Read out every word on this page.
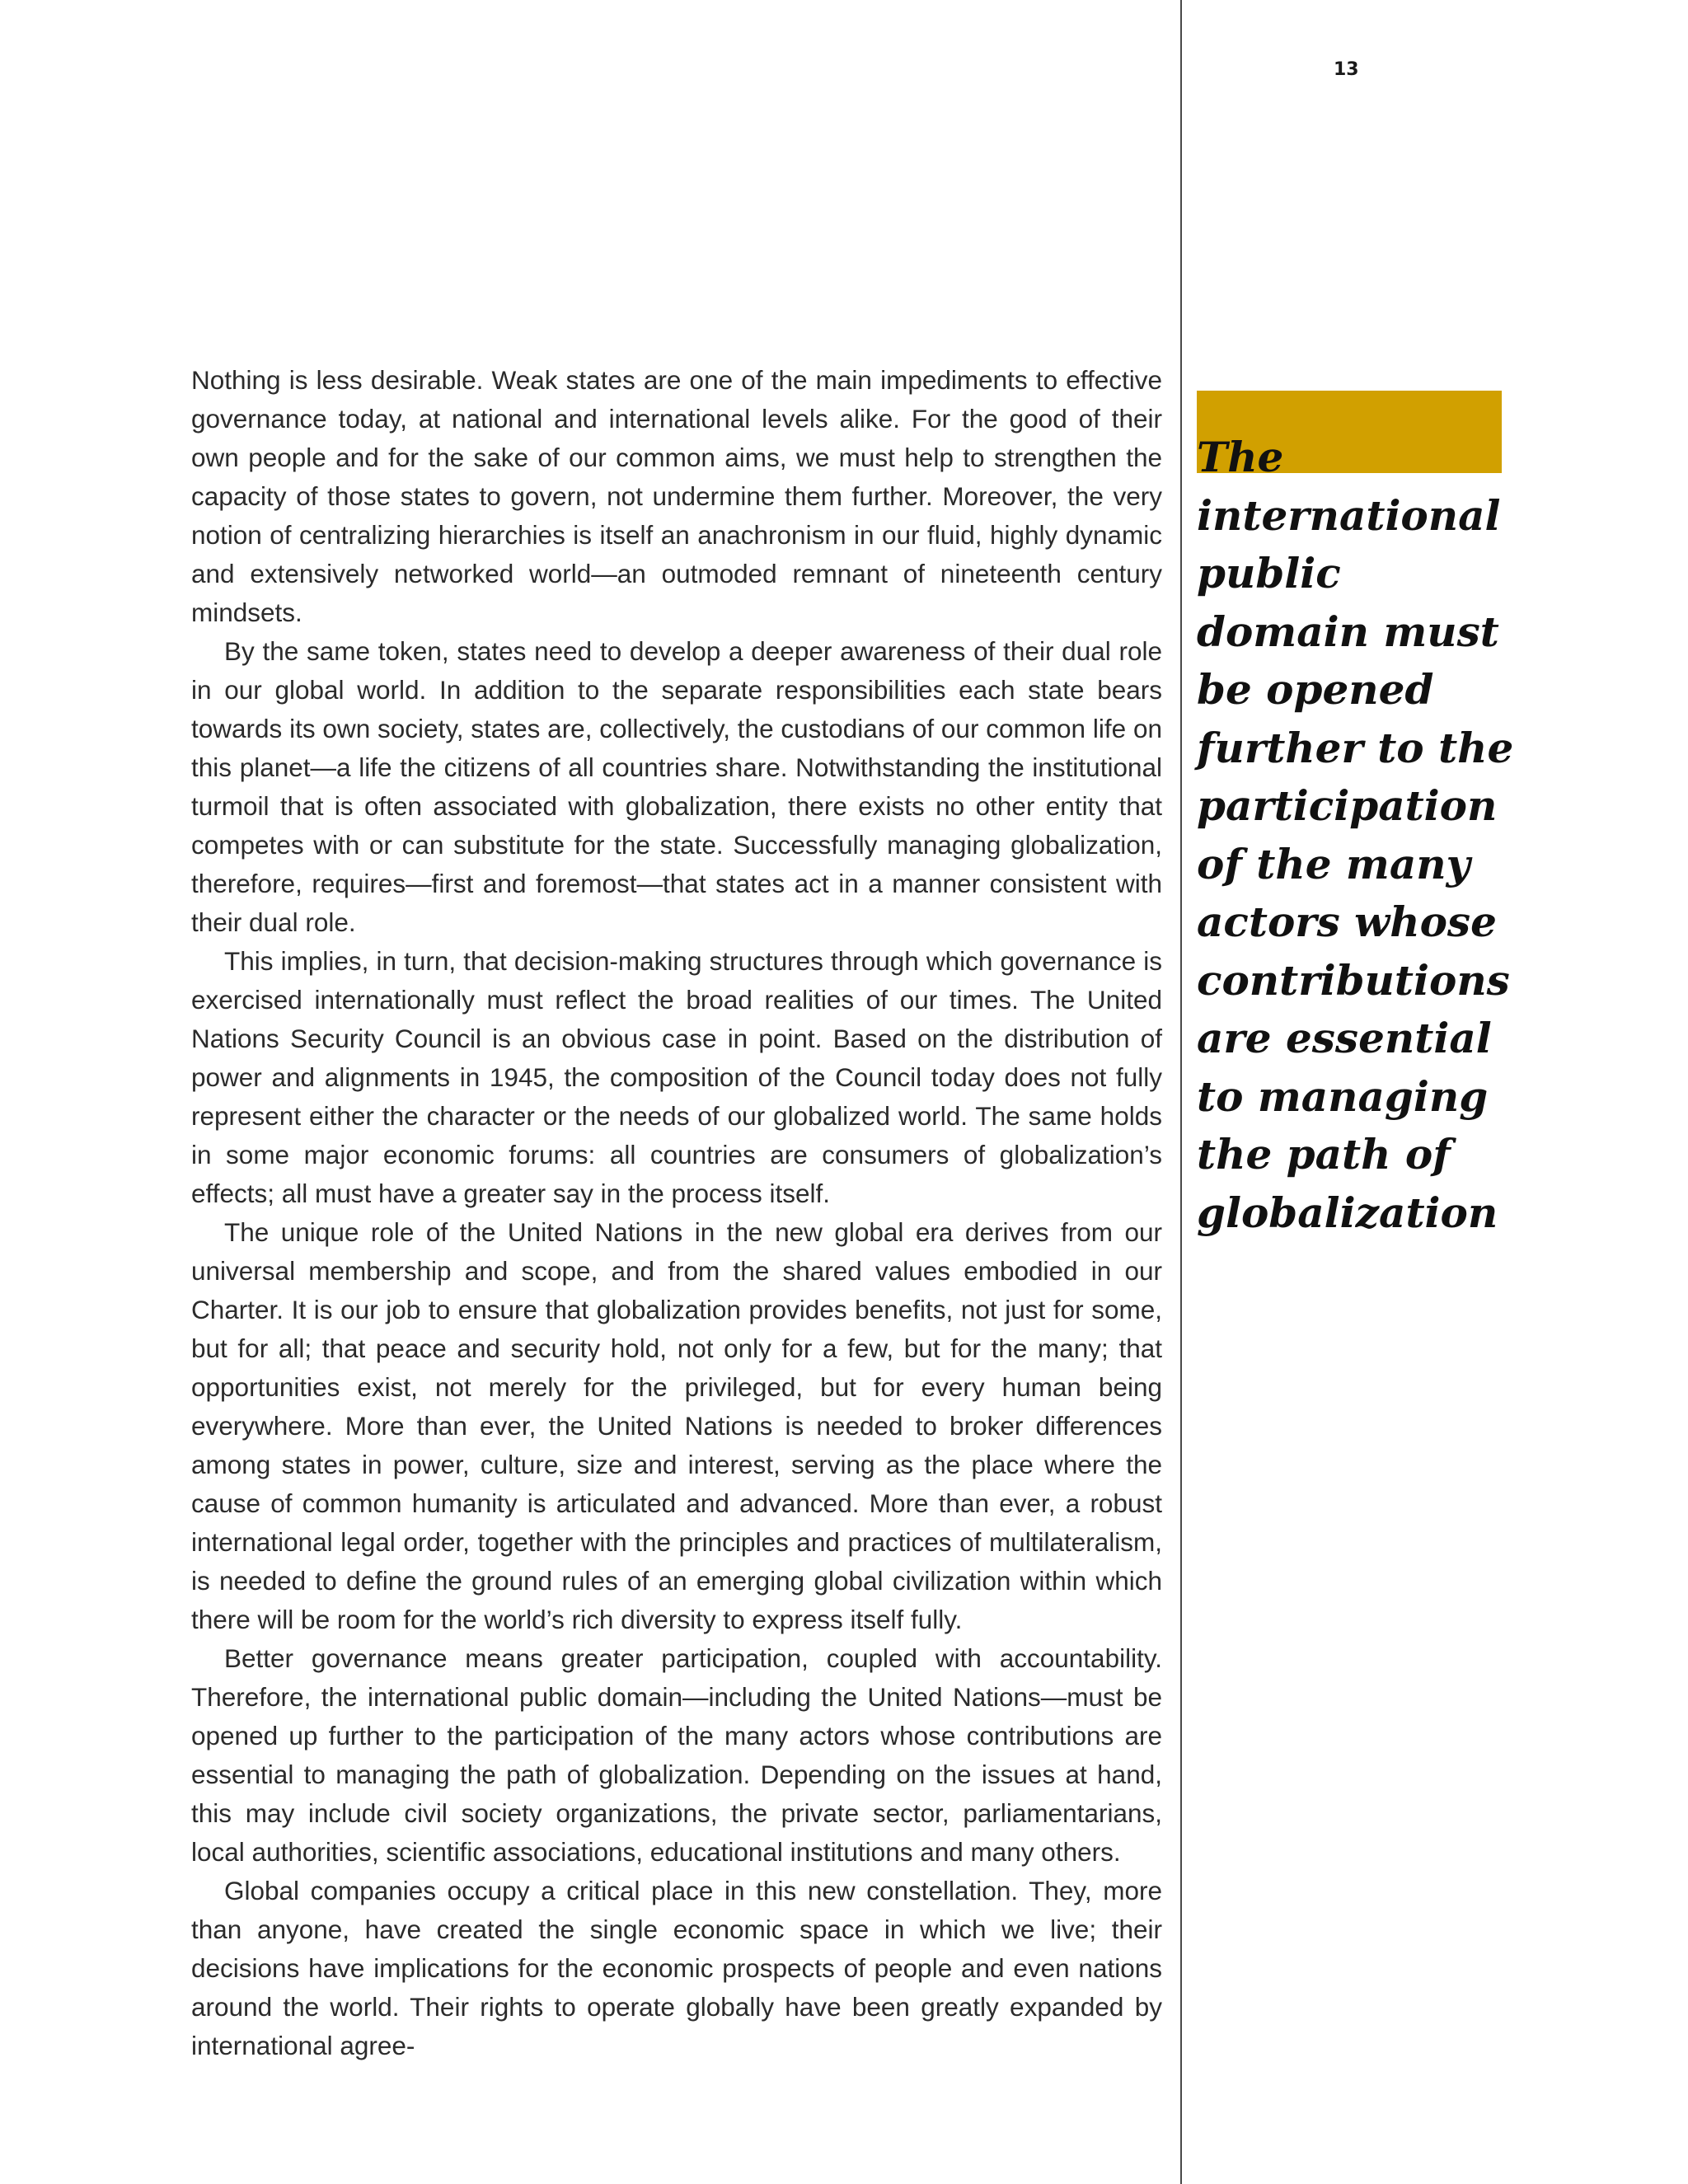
13

Nothing is less desirable. Weak states are one of the main impediments to effective governance today, at national and international levels alike. For the good of their own people and for the sake of our common aims, we must help to strengthen the capacity of those states to govern, not undermine them further. Moreover, the very notion of centralizing hierarchies is itself an anachronism in our fluid, highly dynamic and extensively networked world—an outmoded remnant of nineteenth century mindsets.

By the same token, states need to develop a deeper awareness of their dual role in our global world. In addition to the separate responsibilities each state bears towards its own society, states are, collectively, the custodians of our common life on this planet—a life the citizens of all countries share. Notwithstanding the institutional turmoil that is often associated with globalization, there exists no other entity that competes with or can substitute for the state. Successfully managing globalization, therefore, requires—first and foremost—that states act in a manner consistent with their dual role.

This implies, in turn, that decision-making structures through which governance is exercised internationally must reflect the broad realities of our times. The United Nations Security Council is an obvious case in point. Based on the distribution of power and alignments in 1945, the composition of the Council today does not fully represent either the character or the needs of our globalized world. The same holds in some major economic forums: all countries are consumers of globalization’s effects; all must have a greater say in the process itself.

The unique role of the United Nations in the new global era derives from our universal membership and scope, and from the shared values embodied in our Charter. It is our job to ensure that globalization provides benefits, not just for some, but for all; that peace and security hold, not only for a few, but for the many; that opportunities exist, not merely for the privileged, but for every human being everywhere. More than ever, the United Nations is needed to broker differences among states in power, culture, size and interest, serving as the place where the cause of common humanity is articulated and advanced. More than ever, a robust international legal order, together with the principles and practices of multilateralism, is needed to define the ground rules of an emerging global civilization within which there will be room for the world’s rich diversity to express itself fully.

Better governance means greater participation, coupled with accountability. Therefore, the international public domain—including the United Nations—must be opened up further to the participation of the many actors whose contributions are essential to managing the path of globalization. Depending on the issues at hand, this may include civil society organizations, the private sector, parliamentarians, local authorities, scientific associations, educational institutions and many others.

Global companies occupy a critical place in this new constellation. They, more than anyone, have created the single economic space in which we live; their decisions have implications for the economic prospects of people and even nations around the world. Their rights to operate globally have been greatly expanded by international agree-

The international public domain must be opened further to the participation of the many actors whose contributions are essential to managing the path of globalization
